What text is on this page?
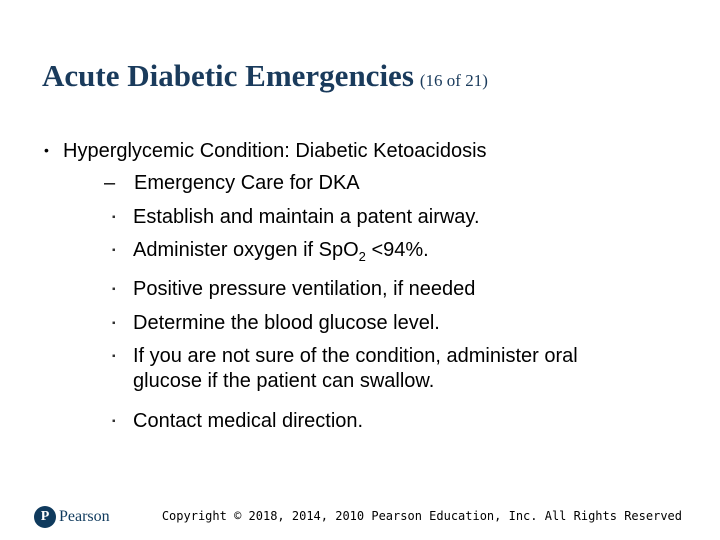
Acute Diabetic Emergencies (16 of 21)
• Hyperglycemic Condition: Diabetic Ketoacidosis
– Emergency Care for DKA
▪ Establish and maintain a patent airway.
▪ Administer oxygen if SpO$_2$ <94%.
▪ Positive pressure ventilation, if needed
▪ Determine the blood glucose level.
▪ If you are not sure of the condition, administer oral
glucose if the patient can swallow.
▪ Contact medical direction.
P Pearson	Copyright © 2018, 2014, 2010 Pearson Education, Inc. All Rights Reserved
